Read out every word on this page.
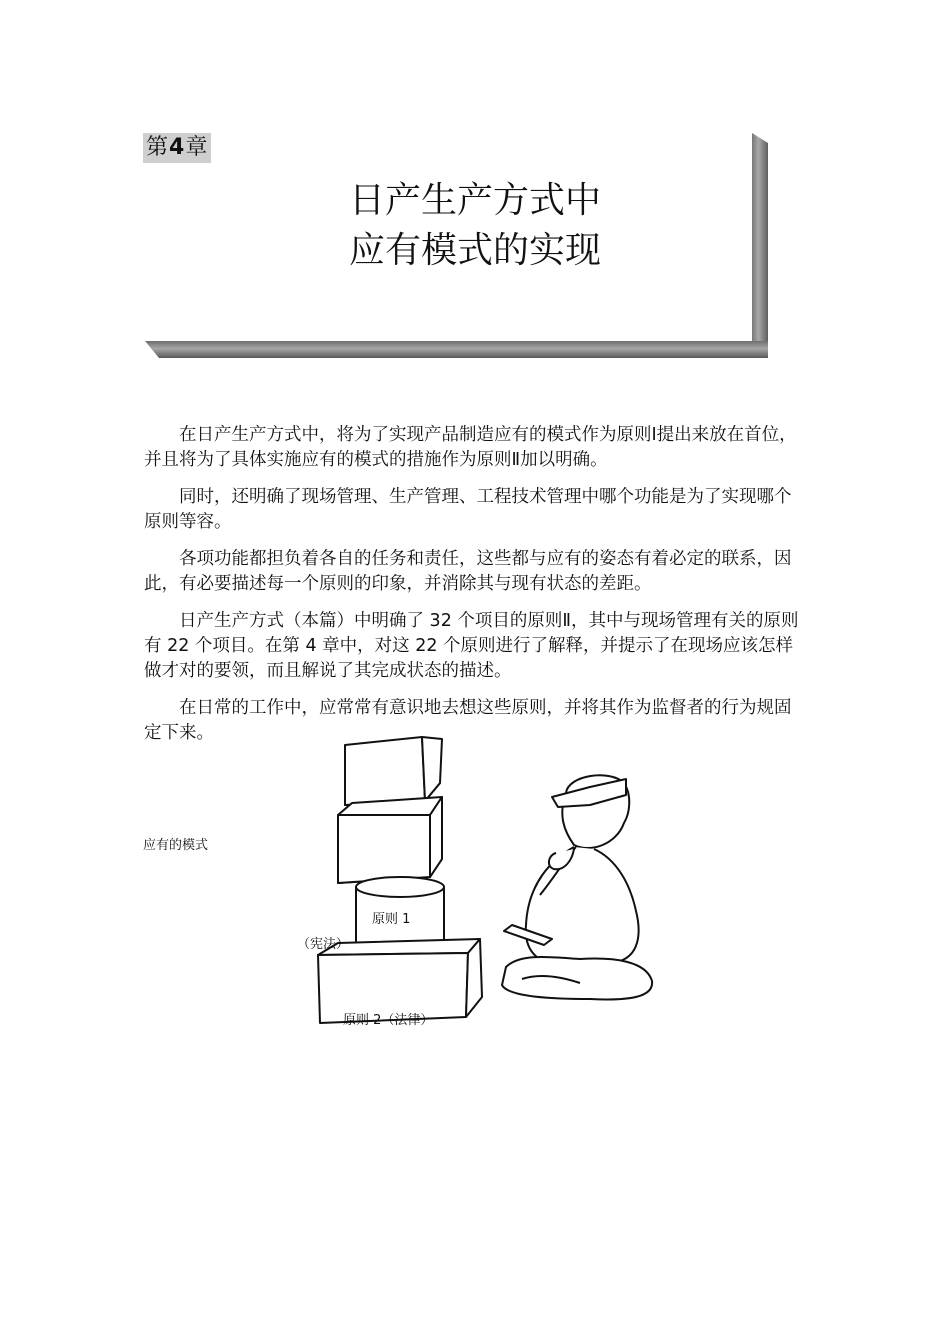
第4章
日产生产方式中
应有模式的实现

在日产生产方式中，将为了实现产品制造应有的模式作为原则Ⅰ提出来放在首位，并且将为了具体实施应有的模式的措施作为原则Ⅱ加以明确。

同时，还明确了现场管理、生产管理、工程技术管理中哪个功能是为了实现哪个原则等容。

各项功能都担负着各自的任务和责任，这些都与应有的姿态有着必定的联系，因此，有必要描述每一个原则的印象，并消除其与现有状态的差距。

日产生产方式（本篇）中明确了 32 个项目的原则Ⅱ，其中与现场管理有关的原则有 22 个项目。在第 4 章中，对这 22 个原则进行了解释，并提示了在现场应该怎样做才对的要领，而且解说了其完成状态的描述。

在日常的工作中，应常常有意识地去想这些原则，并将其作为监督者的行为规固定下来。

应有的模式
原则 1
（宪法）
原则 2（法律）
